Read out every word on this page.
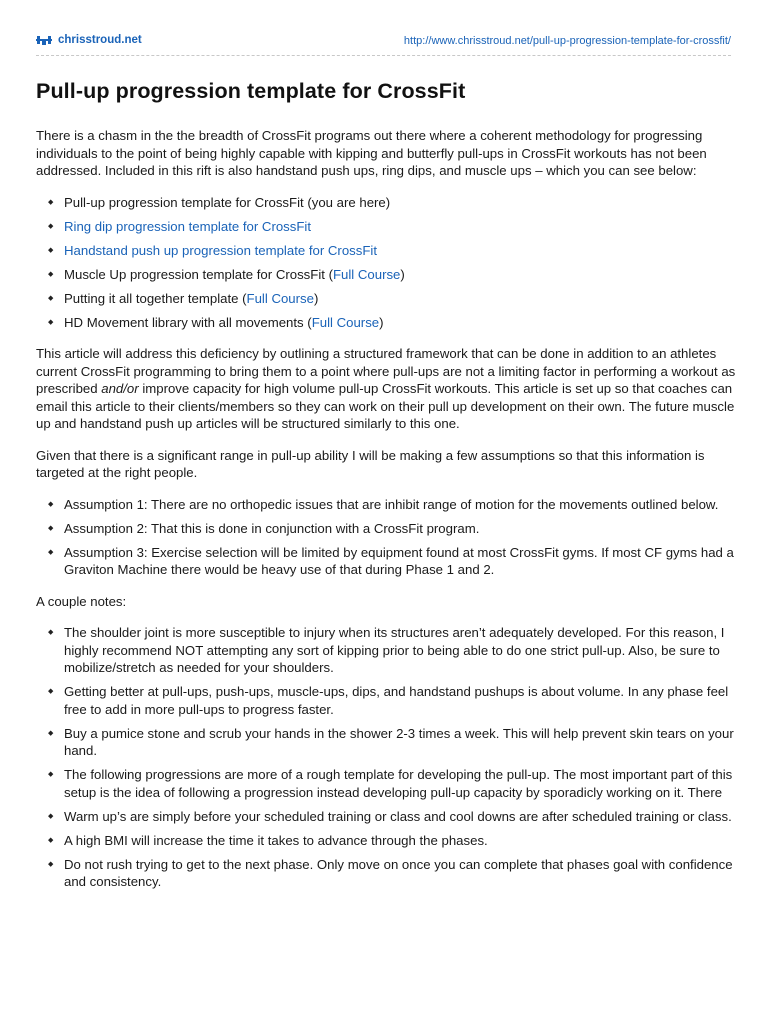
chrisstroud.net	http://www.chrisstroud.net/pull-up-progression-template-for-crossfit/
Pull-up progression template for CrossFit

There is a chasm in the the breadth of CrossFit programs out there where a coherent methodology for progressing individuals to the point of being highly capable with kipping and butterfly pull-ups in CrossFit workouts has not been addressed. Included in this rift is also handstand push ups, ring dips, and muscle ups – which you can see below:

◆ Pull-up progression template for CrossFit (you are here)
◆ Ring dip progression template for CrossFit
◆ Handstand push up progression template for CrossFit
◆ Muscle Up progression template for CrossFit (Full Course)
◆ Putting it all together template (Full Course)
◆ HD Movement library with all movements (Full Course)

This article will address this deficiency by outlining a structured framework that can be done in addition to an athletes current CrossFit programming to bring them to a point where pull-ups are not a limiting factor in performing a workout as prescribed and/or improve capacity for high volume pull-up CrossFit workouts. This article is set up so that coaches can email this article to their clients/members so they can work on their pull up development on their own. The future muscle up and handstand push up articles will be structured similarly to this one.

Given that there is a significant range in pull-up ability I will be making a few assumptions so that this information is targeted at the right people.

◆ Assumption 1: There are no orthopedic issues that are inhibit range of motion for the movements outlined below.
◆ Assumption 2: That this is done in conjunction with a CrossFit program.
◆ Assumption 3: Exercise selection will be limited by equipment found at most CrossFit gyms. If most CF gyms had a Graviton Machine there would be heavy use of that during Phase 1 and 2.

A couple notes:

◆ The shoulder joint is more susceptible to injury when its structures aren’t adequately developed. For this reason, I highly recommend NOT attempting any sort of kipping prior to being able to do one strict pull-up. Also, be sure to mobilize/stretch as needed for your shoulders.
◆ Getting better at pull-ups, push-ups, muscle-ups, dips, and handstand pushups is about volume. In any phase feel free to add in more pull-ups to progress faster.
◆ Buy a pumice stone and scrub your hands in the shower 2-3 times a week. This will help prevent skin tears on your hand.
◆ The following progressions are more of a rough template for developing the pull-up. The most important part of this setup is the idea of following a progression instead developing pull-up capacity by sporadicly working on it. There
◆ Warm up’s are simply before your scheduled training or class and cool downs are after scheduled training or class.
◆ A high BMI will increase the time it takes to advance through the phases.
◆ Do not rush trying to get to the next phase. Only move on once you can complete that phases goal with confidence and consistency.
